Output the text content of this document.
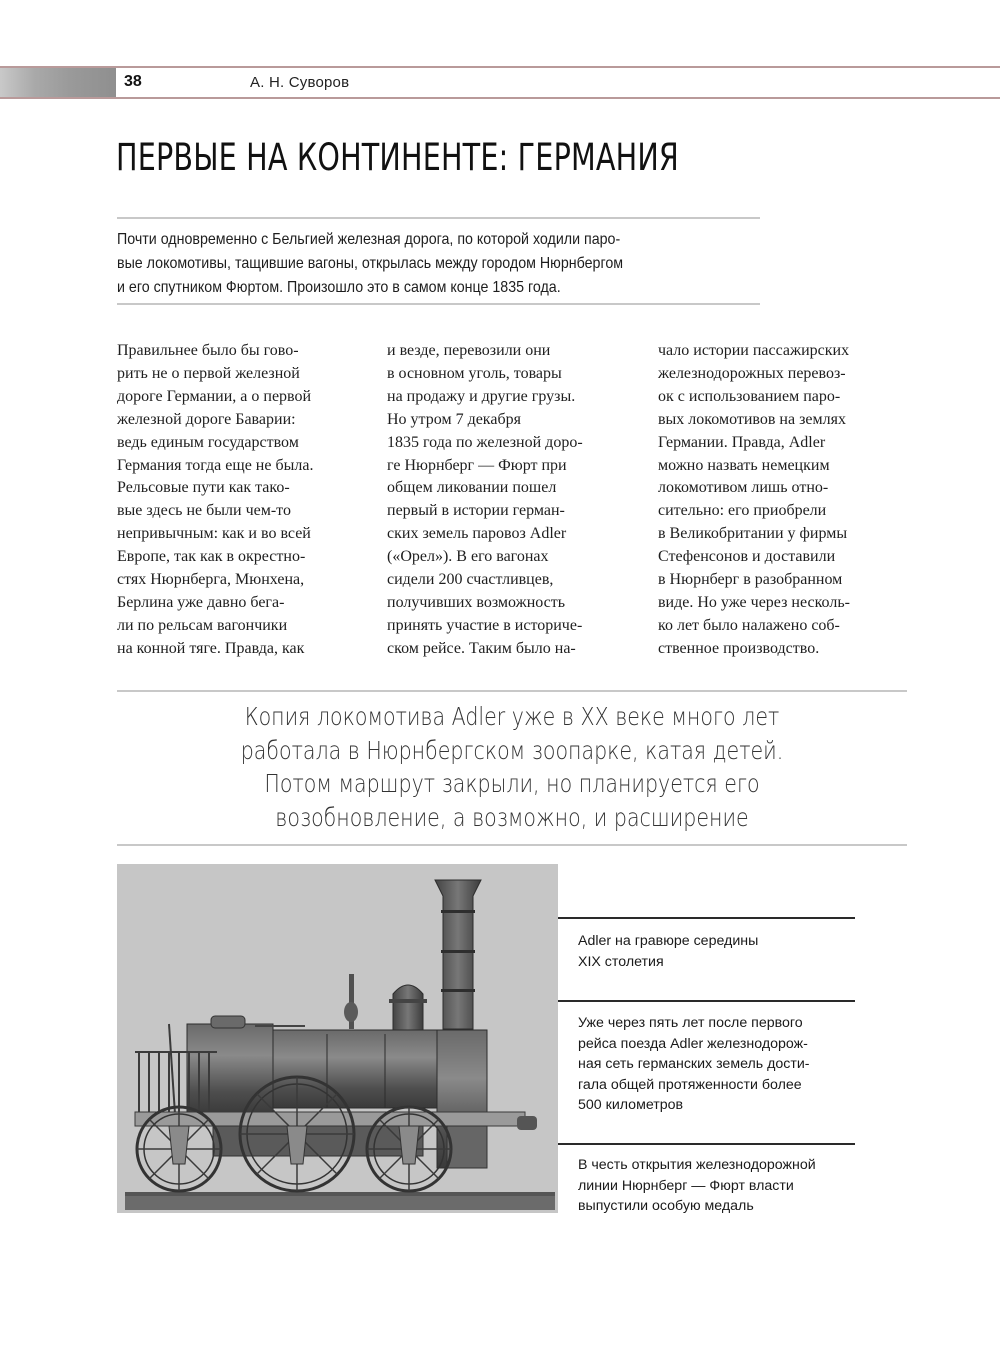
38	А. Н. Суворов
ПЕРВЫЕ НА КОНТИНЕНТЕ: ГЕРМАНИЯ
Почти одновременно с Бельгией железная дорога, по которой ходили паро-
вые локомотивы, тащившие вагоны, открылась между городом Нюрнбергом
и его спутником Фюртом. Произошло это в самом конце 1835 года.
Правильнее было бы гово-
рить не о первой железной
дороге Германии, а о первой
железной дороге Баварии:
ведь единым государством
Германия тогда еще не была.
Рельсовые пути как тако-
вые здесь не были чем-то
непривычным: как и во всей
Европе, так как в окрестно-
стях Нюрнберга, Мюнхена,
Берлина уже давно бега-
ли по рельсам вагончики
на конной тяге. Правда, как
и везде, перевозили они
в основном уголь, товары
на продажу и другие грузы.
Но утром 7 декабря
1835 года по железной доро-
ге Нюрнберг — Фюрт при
общем ликовании пошел
первый в истории герман-
ских земель паровоз Adler
(«Орел»). В его вагонах
сидели 200 счастливцев,
получивших возможность
принять участие в историче-
ском рейсе. Таким было на-
чало истории пассажирских
железнодорожных перевоз-
ок с использованием паро-
вых локомотивов на землях
Германии. Правда, Adler
можно назвать немецким
локомотивом лишь отно-
сительно: его приобрели
в Великобритании у фирмы
Стефенсонов и доставили
в Нюрнберг в разобранном
виде. Но уже через несколь-
ко лет было налажено соб-
ственное производство.
Копия локомотива Adler уже в XX веке много лет
работала в Нюрнбергском зоопарке, катая детей.
Потом маршрут закрыли, но планируется его
возобновление, а возможно, и расширение
Adler на гравюре середины
XIX столетия
Уже через пять лет после первого
рейса поезда Adler железнодорож-
ная сеть германских земель дости-
гала общей протяженности более
500 километров
В честь открытия железнодорожной
линии Нюрнберг — Фюрт власти
выпустили особую медаль
